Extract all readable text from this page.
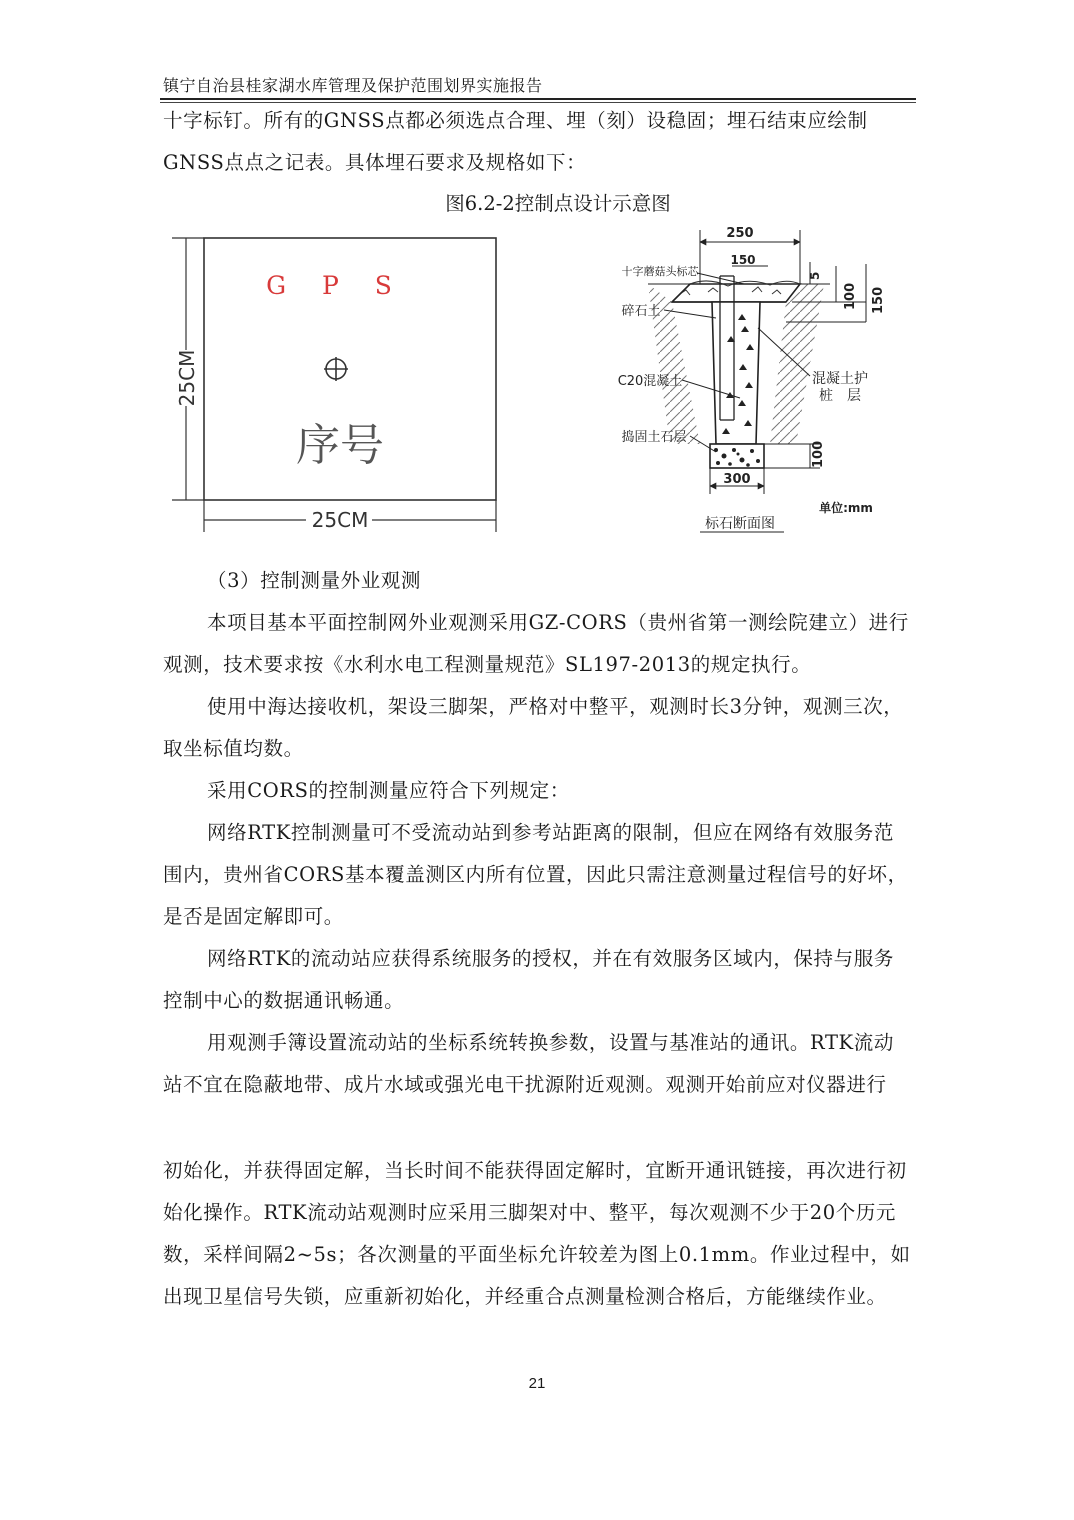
镇宁自治县桂家湖水库管理及保护范围划界实施报告

十字标钉。所有的GNSS点都必须选点合理、埋（刻）设稳固；埋石结束应绘制GNSS点点之记表。具体埋石要求及规格如下：

图6.2-2控制点设计示意图
25CM
25CM
G P S
序号
250
150
十字蘑菇头标芯
300
碎石土
C20混凝土
捣固土石层
5
100 150
混凝土护
桩　层
100
单位:mm
标石断面图

（3）控制测量外业观测

本项目基本平面控制网外业观测采用GZ-CORS（贵州省第一测绘院建立）进行观测，技术要求按《水利水电工程测量规范》SL197-2013的规定执行。

使用中海达接收机，架设三脚架，严格对中整平，观测时长3分钟，观测三次，取坐标值均数。

采用CORS的控制测量应符合下列规定：

网络RTK控制测量可不受流动站到参考站距离的限制，但应在网络有效服务范围内，贵州省CORS基本覆盖测区内所有位置，因此只需注意测量过程信号的好坏，是否是固定解即可。

网络RTK的流动站应获得系统服务的授权，并在有效服务区域内，保持与服务控制中心的数据通讯畅通。

用观测手簿设置流动站的坐标系统转换参数，设置与基准站的通讯。RTK流动站不宜在隐蔽地带、成片水域或强光电干扰源附近观测。观测开始前应对仪器进行

初始化，并获得固定解，当长时间不能获得固定解时，宜断开通讯链接，再次进行初始化操作。RTK流动站观测时应采用三脚架对中、整平，每次观测不少于20个历元数，采样间隔2~5s；各次测量的平面坐标允许较差为图上0.1mm。作业过程中，如出现卫星信号失锁，应重新初始化，并经重合点测量检测合格后，方能继续作业。

21
